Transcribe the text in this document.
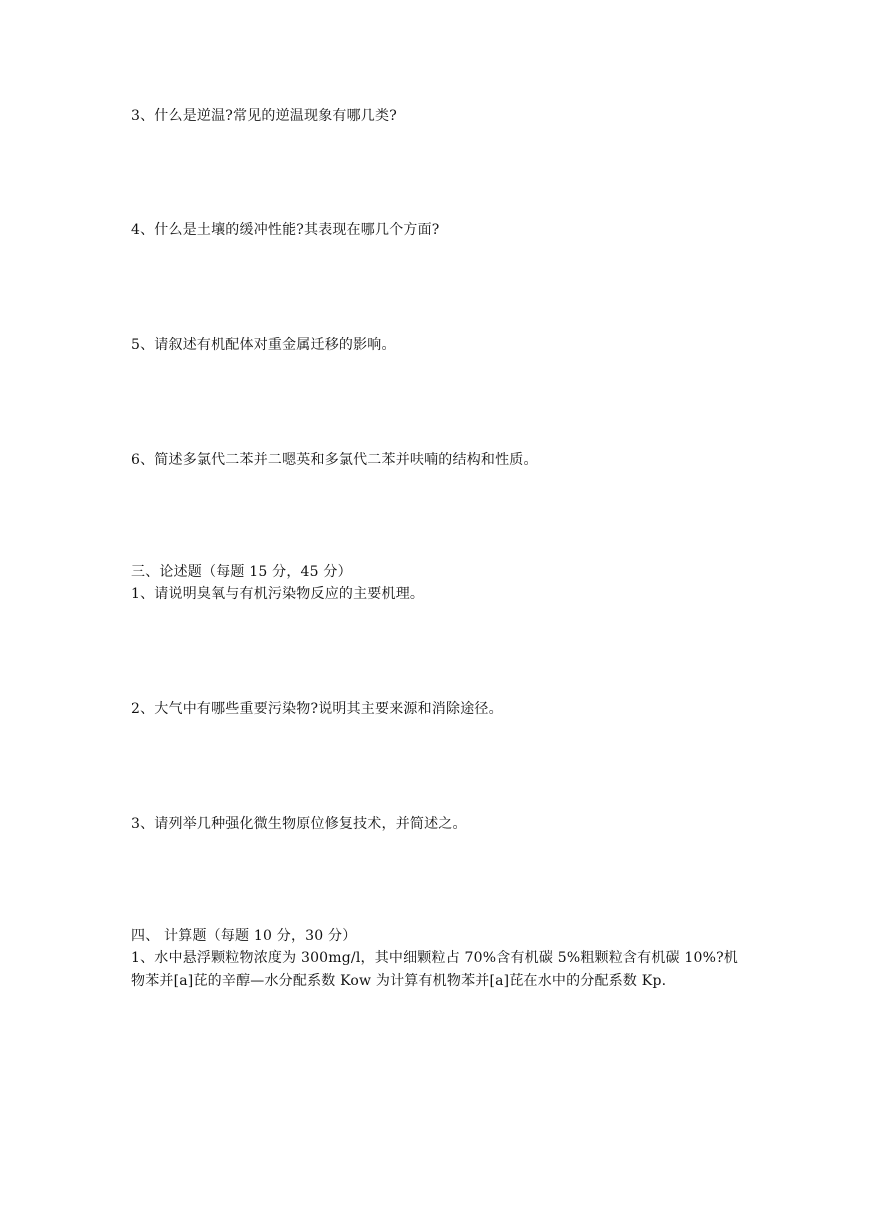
3、什么是逆温?常见的逆温现象有哪几类?
4、什么是土壤的缓冲性能?其表现在哪几个方面?
5、请叙述有机配体对重金属迁移的影响。
6、简述多氯代二苯并二嗯英和多氯代二苯并呋喃的结构和性质。
三、论述题（每题 15 分，45 分）
1、请说明臭氧与有机污染物反应的主要机理。
2、大气中有哪些重要污染物?说明其主要来源和消除途径。
3、请列举几种强化微生物原位修复技术，并简述之。
四、 计算题（每题 10 分，30 分）
1、水中悬浮颗粒物浓度为 300mg/l，其中细颗粒占 70%含有机碳 5%粗颗粒含有机碳 10%?机
物苯并[a]芘的辛醇—水分配系数 Kow 为计算有机物苯并[a]芘在水中的分配系数 Kp.
